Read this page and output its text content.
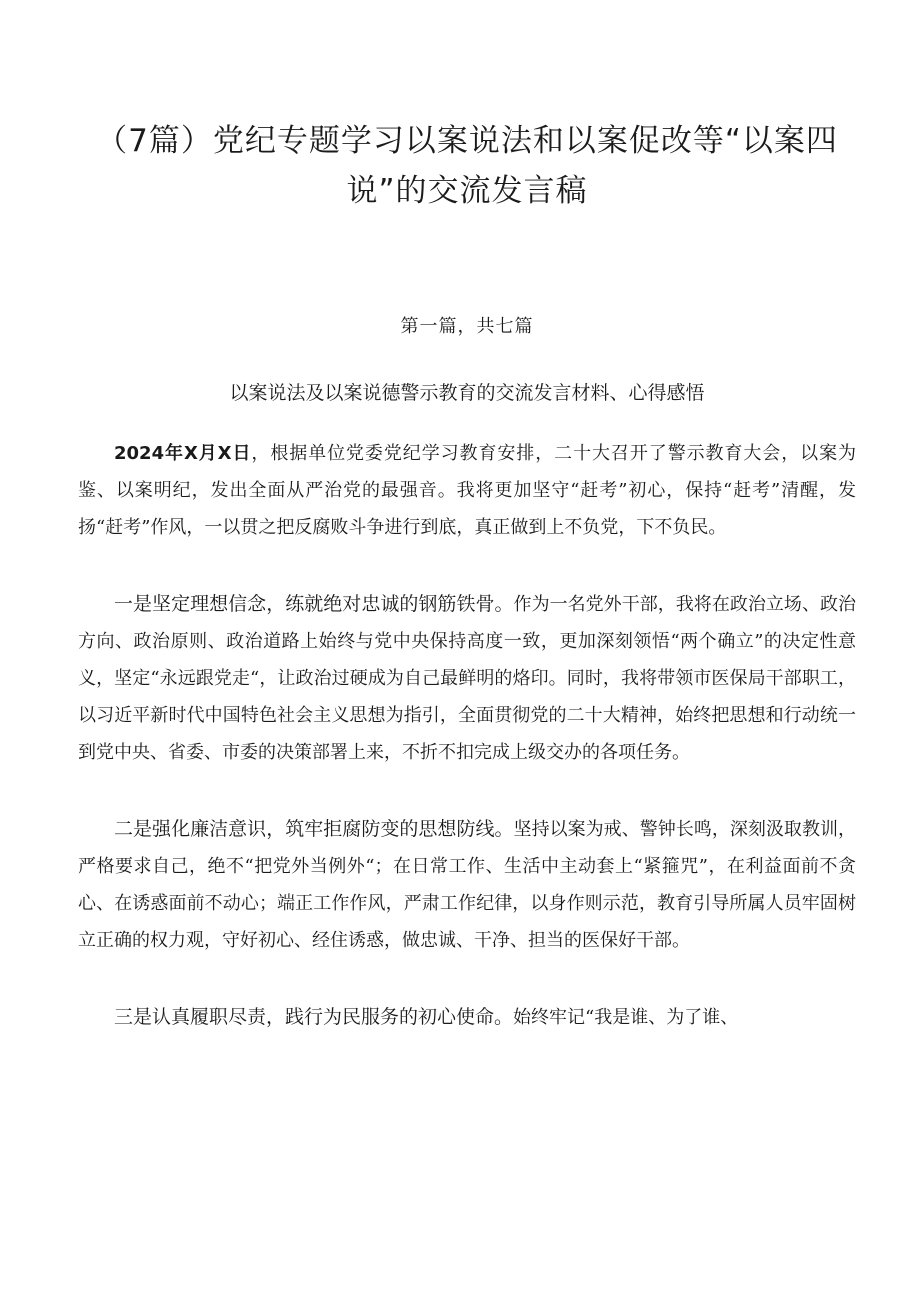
（7篇）党纪专题学习以案说法和以案促改等“以案四说”的交流发言稿
第一篇，共七篇
以案说法及以案说德警示教育的交流发言材料、心得感悟

2024年X月X日，根据单位党委党纪学习教育安排，二十大召开了警示教育大会，以案为鉴、以案明纪，发出全面从严治党的最强音。我将更加坚守“赶考”初心，保持“赶考”清醒，发扬“赶考”作风，一以贯之把反腐败斗争进行到底，真正做到上不负党，下不负民。

一是坚定理想信念，练就绝对忠诚的钢筋铁骨。作为一名党外干部，我将在政治立场、政治方向、政治原则、政治道路上始终与党中央保持高度一致，更加深刻领悟“两个确立”的决定性意义，坚定“永远跟党走“，让政治过硬成为自己最鲜明的烙印。同时，我将带领市医保局干部职工，以习近平新时代中国特色社会主义思想为指引，全面贯彻党的二十大精神，始终把思想和行动统一到党中央、省委、市委的决策部署上来，不折不扣完成上级交办的各项任务。

二是强化廉洁意识，筑牢拒腐防变的思想防线。坚持以案为戒、警钟长鸣，深刻汲取教训，严格要求自己，绝不“把党外当例外“；在日常工作、生活中主动套上“紧箍咒”，在利益面前不贪心、在诱惑面前不动心；端正工作作风，严肃工作纪律，以身作则示范，教育引导所属人员牢固树立正确的权力观，守好初心、经住诱惑，做忠诚、干净、担当的医保好干部。

三是认真履职尽责，践行为民服务的初心使命。始终牢记“我是谁、为了谁、
